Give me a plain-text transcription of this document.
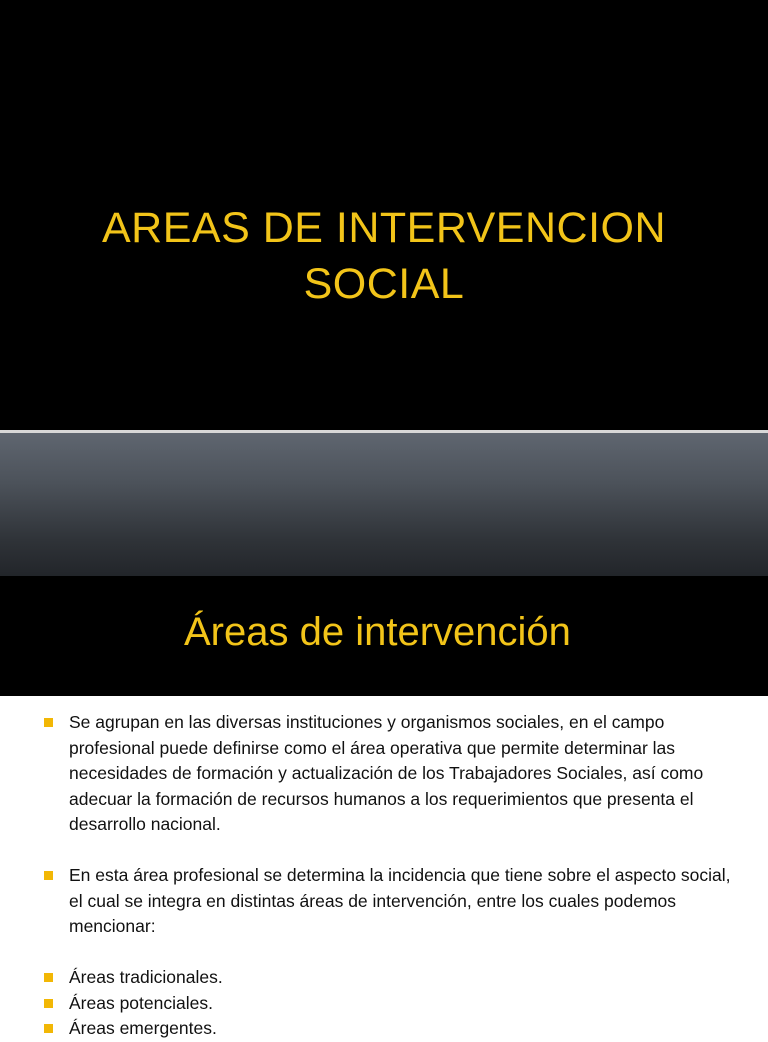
AREAS DE INTERVENCION
SOCIAL
Áreas de intervención
Se agrupan en las diversas instituciones y organismos sociales, en el campo profesional puede definirse como el área operativa que permite determinar las necesidades de formación y actualización de los Trabajadores Sociales, así como adecuar la formación de recursos humanos a los requerimientos que presenta el desarrollo nacional.
En esta área profesional se determina la incidencia que tiene sobre el aspecto social, el cual se integra en distintas áreas de intervención, entre los cuales podemos mencionar:
Áreas tradicionales.
Áreas potenciales.
Áreas emergentes.
